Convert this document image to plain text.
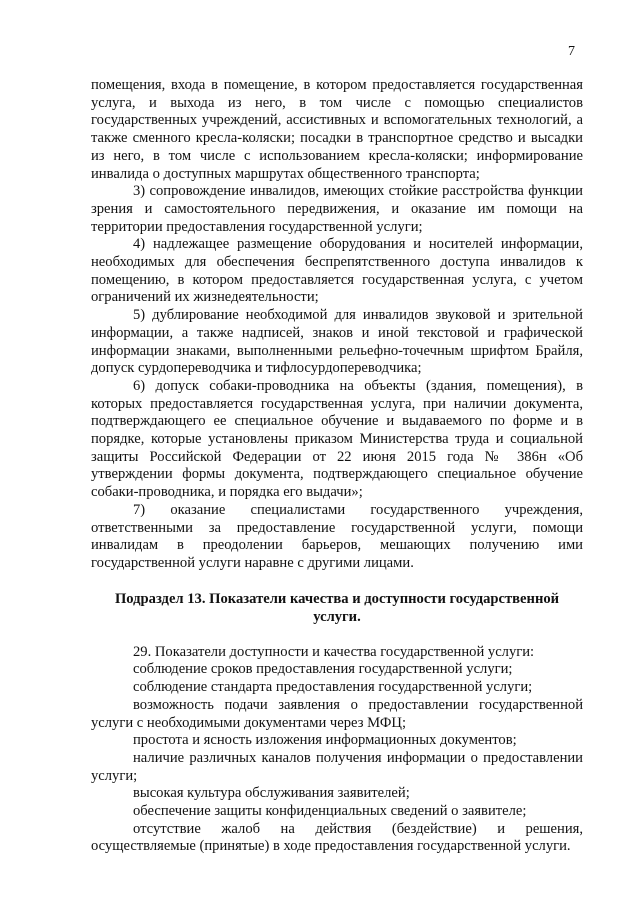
7

помещения, входа в помещение, в котором предоставляется государственная услуга, и выхода из него, в том числе с помощью специалистов государственных учреждений, ассистивных и вспомогательных технологий, а также сменного кресла-коляски; посадки в транспортное средство и высадки из него, в том числе с использованием кресла-коляски; информирование инвалида о доступных маршрутах общественного транспорта;

3) сопровождение инвалидов, имеющих стойкие расстройства функции зрения и самостоятельного передвижения, и оказание им помощи на территории предоставления государственной услуги;

4) надлежащее размещение оборудования и носителей информации, необходимых для обеспечения беспрепятственного доступа инвалидов к помещению, в котором предоставляется государственная услуга, с учетом ограничений их жизнедеятельности;

5) дублирование необходимой для инвалидов звуковой и зрительной информации, а также надписей, знаков и иной текстовой и графической информации знаками, выполненными рельефно-точечным шрифтом Брайля, допуск сурдопереводчика и тифлосурдопереводчика;

6) допуск собаки-проводника на объекты (здания, помещения), в которых предоставляется государственная услуга, при наличии документа, подтверждающего ее специальное обучение и выдаваемого по форме и в порядке, которые установлены приказом Министерства труда и социальной защиты Российской Федерации от 22 июня 2015 года № 386н «Об утверждении формы документа, подтверждающего специальное обучение собаки-проводника, и порядка его выдачи»;

7) оказание специалистами государственного учреждения, ответственными за предоставление государственной услуги, помощи инвалидам в преодолении барьеров, мешающих получению ими государственной услуги наравне с другими лицами.

Подраздел 13. Показатели качества и доступности государственной услуги.

29. Показатели доступности и качества государственной услуги:

соблюдение сроков предоставления государственной услуги;

соблюдение стандарта предоставления государственной услуги;

возможность подачи заявления о предоставлении государственной услуги с необходимыми документами через МФЦ;

простота и ясность изложения информационных документов;

наличие различных каналов получения информации о предоставлении услуги;

высокая культура обслуживания заявителей;

обеспечение защиты конфиденциальных сведений о заявителе;

отсутствие жалоб на действия (бездействие) и решения, осуществляемые (принятые) в ходе предоставления государственной услуги.
